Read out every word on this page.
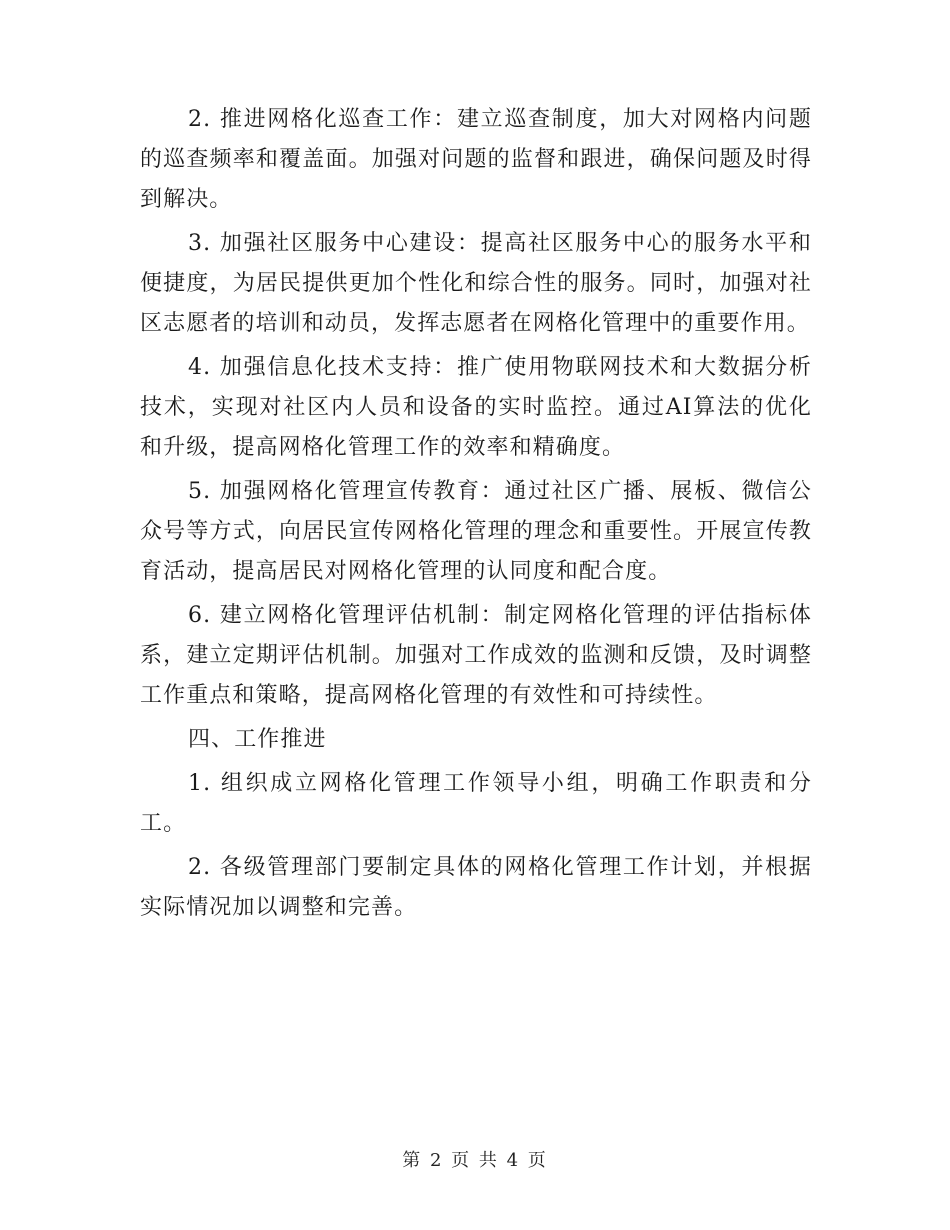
2. 推进网格化巡查工作：建立巡查制度，加大对网格内问题的巡查频率和覆盖面。加强对问题的监督和跟进，确保问题及时得到解决。

3. 加强社区服务中心建设：提高社区服务中心的服务水平和便捷度，为居民提供更加个性化和综合性的服务。同时，加强对社区志愿者的培训和动员，发挥志愿者在网格化管理中的重要作用。

4. 加强信息化技术支持：推广使用物联网技术和大数据分析技术，实现对社区内人员和设备的实时监控。通过AI算法的优化和升级，提高网格化管理工作的效率和精确度。

5. 加强网格化管理宣传教育：通过社区广播、展板、微信公众号等方式，向居民宣传网格化管理的理念和重要性。开展宣传教育活动，提高居民对网格化管理的认同度和配合度。

6. 建立网格化管理评估机制：制定网格化管理的评估指标体系，建立定期评估机制。加强对工作成效的监测和反馈，及时调整工作重点和策略，提高网格化管理的有效性和可持续性。

四、工作推进

1. 组织成立网格化管理工作领导小组，明确工作职责和分工。

2. 各级管理部门要制定具体的网格化管理工作计划，并根据实际情况加以调整和完善。

第 2 页 共 4 页
